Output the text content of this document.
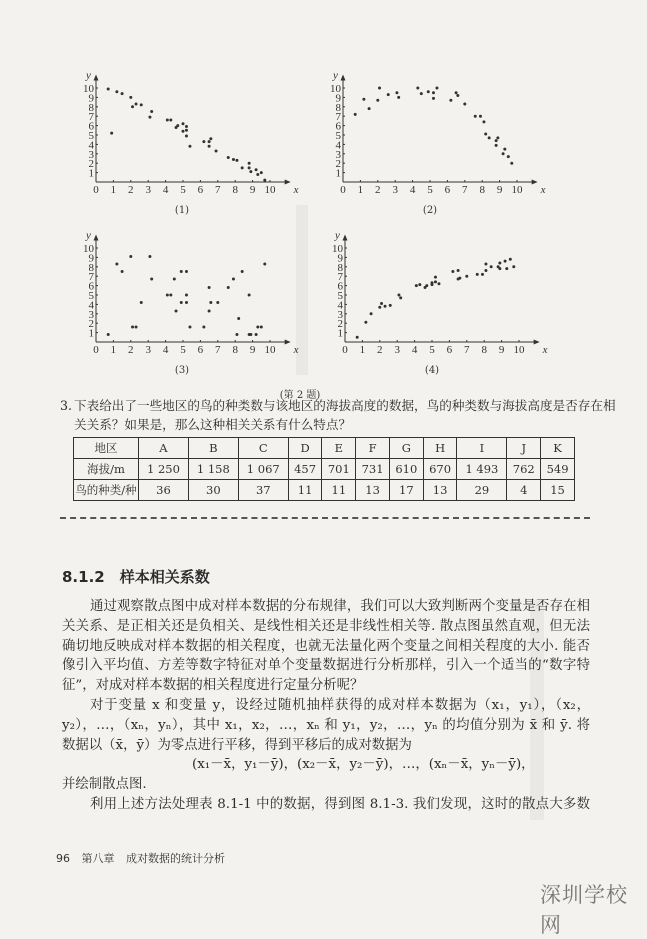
0 1 2 3 4 5 6 7 8 9 10
1
2
3
4
5
6
7
8
9
10
x
y
0 1 2 3 4 5 6 7 8 9 10
1
2
3
4
5
6
7
8
9
10
x
y
0 1 2 3 4 5 6 7 8 9 10
1
2
3
4
5
6
7
8
9
10
x
y
0 1 2 3 4 5 6 7 8 9 10
1
2
3
4
5
6
7
8
9
10
x
y
(1)	(2)
(3)	(4)
(第 2 题)
3. 下表给出了一些地区的鸟的种类数与该地区的海拔高度的数据，鸟的种类数与海拔高度是否存在相
关关系？如果是，那么这种相关关系有什么特点？
地区	A	B	C	D	E	F	G	H	I	J	K
海拔/m	1 250	1 158	1 067	457	701	731	610	670	1 493	762	549
鸟的种类/种	36	30	37	11	11	13	17	13	29	4	15
8.1.2　样本相关系数
通过观察散点图中成对样本数据的分布规律，我们可以大致判断两个变量是否存在相
关关系、是正相关还是负相关、是线性相关还是非线性相关等. 散点图虽然直观，但无法
确切地反映成对样本数据的相关程度，也就无法量化两个变量之间相关程度的大小. 能否
像引入平均值、方差等数字特征对单个变量数据进行分析那样，引入一个适当的“数字特
征”，对成对样本数据的相关程度进行定量分析呢？
对于变量 x 和变量 y，设经过随机抽样获得的成对样本数据为（x₁，y₁），（x₂，
y₂），…，（xₙ，yₙ），其中 x₁，x₂，…，xₙ 和 y₁，y₂，…，yₙ 的均值分别为 x̄ 和 ȳ. 将
数据以（x̄，ȳ）为零点进行平移，得到平移后的成对数据为
(x₁－x̄，y₁－ȳ)，(x₂－x̄，y₂－ȳ)，…，(xₙ－x̄，yₙ－ȳ)，
并绘制散点图.
利用上述方法处理表 8.1-1 中的数据，得到图 8.1-3. 我们发现，这时的散点大多数
96 第八章 成对数据的统计分析
深圳学校网
